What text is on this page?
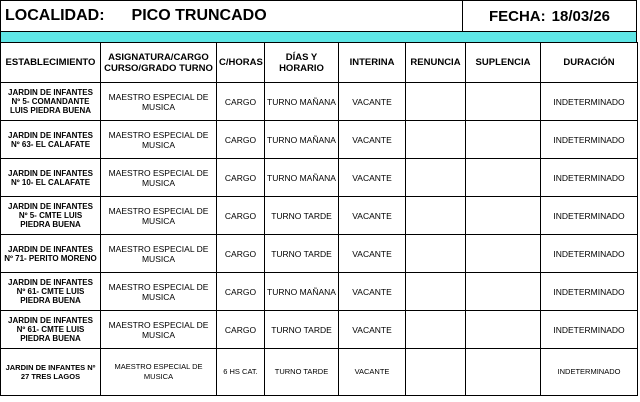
LOCALIDAD: PICO TRUNCADO	FECHA: 18/03/26
ESTABLECIMIENTO	ASIGNATURA/CARGO CURSO/GRADO TURNO	C/HORAS	DÍAS Y HORARIO	INTERINA	RENUNCIA	SUPLENCIA	DURACIÓN
JARDIN DE INFANTES Nº 5- COMANDANTE LUIS PIEDRA BUENA	MAESTRO ESPECIAL DE MUSICA	CARGO	TURNO MAÑANA	VACANTE			INDETERMINADO
JARDIN DE INFANTES Nº 63- EL CALAFATE	MAESTRO ESPECIAL DE MUSICA	CARGO	TURNO MAÑANA	VACANTE			INDETERMINADO
JARDIN DE INFANTES Nº 10- EL CALAFATE	MAESTRO ESPECIAL DE MUSICA	CARGO	TURNO MAÑANA	VACANTE			INDETERMINADO
JARDIN DE INFANTES Nº 5- CMTE LUIS PIEDRA BUENA	MAESTRO ESPECIAL DE MUSICA	CARGO	TURNO TARDE	VACANTE			INDETERMINADO
JARDIN DE INFANTES Nº 71- PERITO MORENO	MAESTRO ESPECIAL DE MUSICA	CARGO	TURNO TARDE	VACANTE			INDETERMINADO
JARDIN DE INFANTES Nº 61- CMTE LUIS PIEDRA BUENA	MAESTRO ESPECIAL DE MUSICA	CARGO	TURNO MAÑANA	VACANTE			INDETERMINADO
JARDIN DE INFANTES Nº 61- CMTE LUIS PIEDRA BUENA	MAESTRO ESPECIAL DE MUSICA	CARGO	TURNO TARDE	VACANTE			INDETERMINADO
JARDIN DE INFANTES Nº 27 TRES LAGOS	MAESTRO ESPECIAL DE MUSICA	6 HS CAT.	TURNO TARDE	VACANTE			INDETERMINADO
